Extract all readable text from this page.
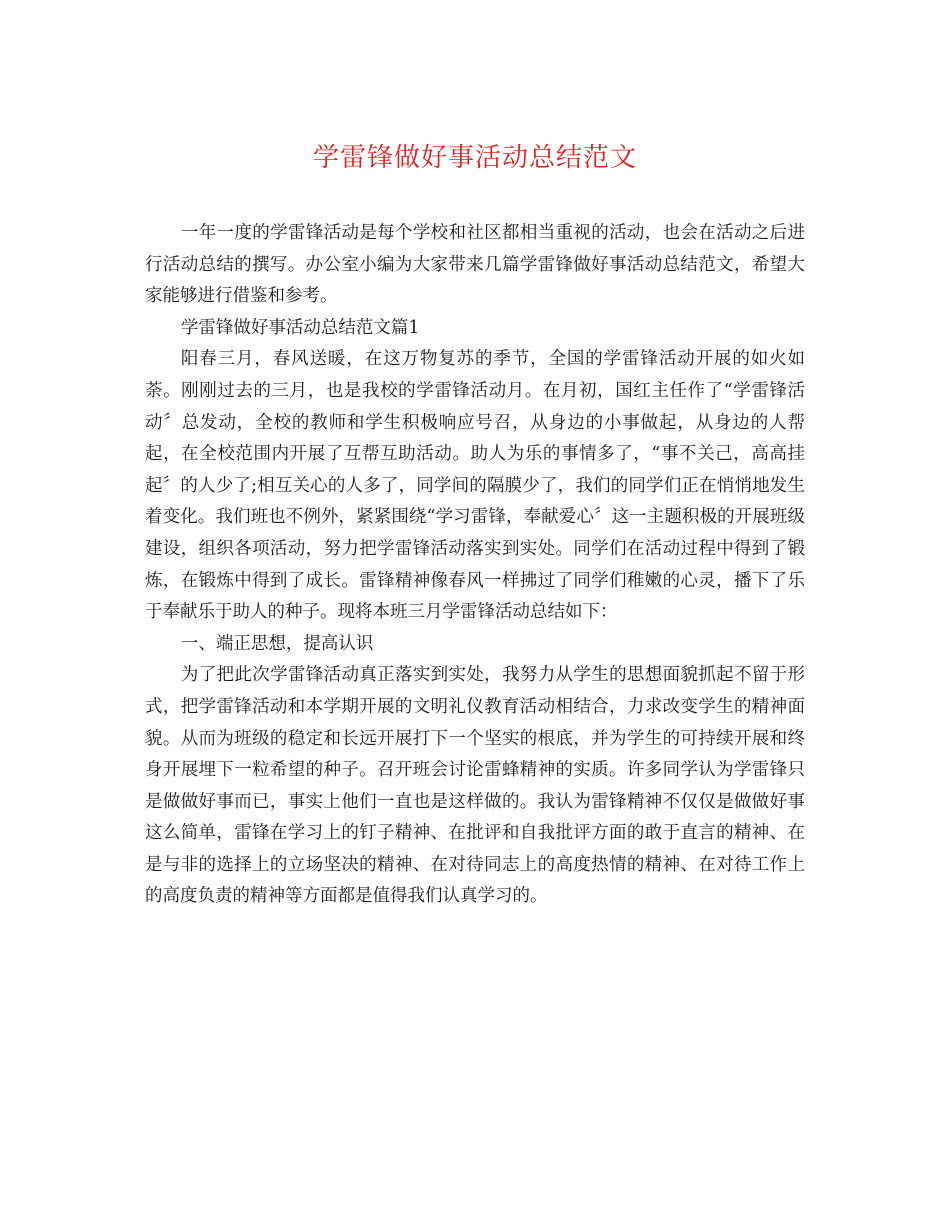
学雷锋做好事活动总结范文

一年一度的学雷锋活动是每个学校和社区都相当重视的活动，也会在活动之后进行活动总结的撰写。办公室小编为大家带来几篇学雷锋做好事活动总结范文，希望大家能够进行借鉴和参考。

学雷锋做好事活动总结范文篇1

阳春三月，春风送暖，在这万物复苏的季节，全国的学雷锋活动开展的如火如荼。刚刚过去的三月，也是我校的学雷锋活动月。在月初，国红主任作了“学雷锋活动〞总发动，全校的教师和学生积极响应号召，从身边的小事做起，从身边的人帮起，在全校范围内开展了互帮互助活动。助人为乐的事情多了，“事不关己，高高挂起〞的人少了;相互关心的人多了，同学间的隔膜少了，我们的同学们正在悄悄地发生着变化。我们班也不例外，紧紧围绕“学习雷锋，奉献爱心〞这一主题积极的开展班级建设，组织各项活动，努力把学雷锋活动落实到实处。同学们在活动过程中得到了锻炼，在锻炼中得到了成长。雷锋精神像春风一样拂过了同学们稚嫩的心灵，播下了乐于奉献乐于助人的种子。现将本班三月学雷锋活动总结如下：

一、端正思想，提高认识

为了把此次学雷锋活动真正落实到实处，我努力从学生的思想面貌抓起不留于形式，把学雷锋活动和本学期开展的文明礼仪教育活动相结合，力求改变学生的精神面貌。从而为班级的稳定和长远开展打下一个坚实的根底，并为学生的可持续开展和终身开展埋下一粒希望的种子。召开班会讨论雷蜂精神的实质。许多同学认为学雷锋只是做做好事而已，事实上他们一直也是这样做的。我认为雷锋精神不仅仅是做做好事这么简单，雷锋在学习上的钉子精神、在批评和自我批评方面的敢于直言的精神、在是与非的选择上的立场坚决的精神、在对待同志上的高度热情的精神、在对待工作上的高度负责的精神等方面都是值得我们认真学习的。
